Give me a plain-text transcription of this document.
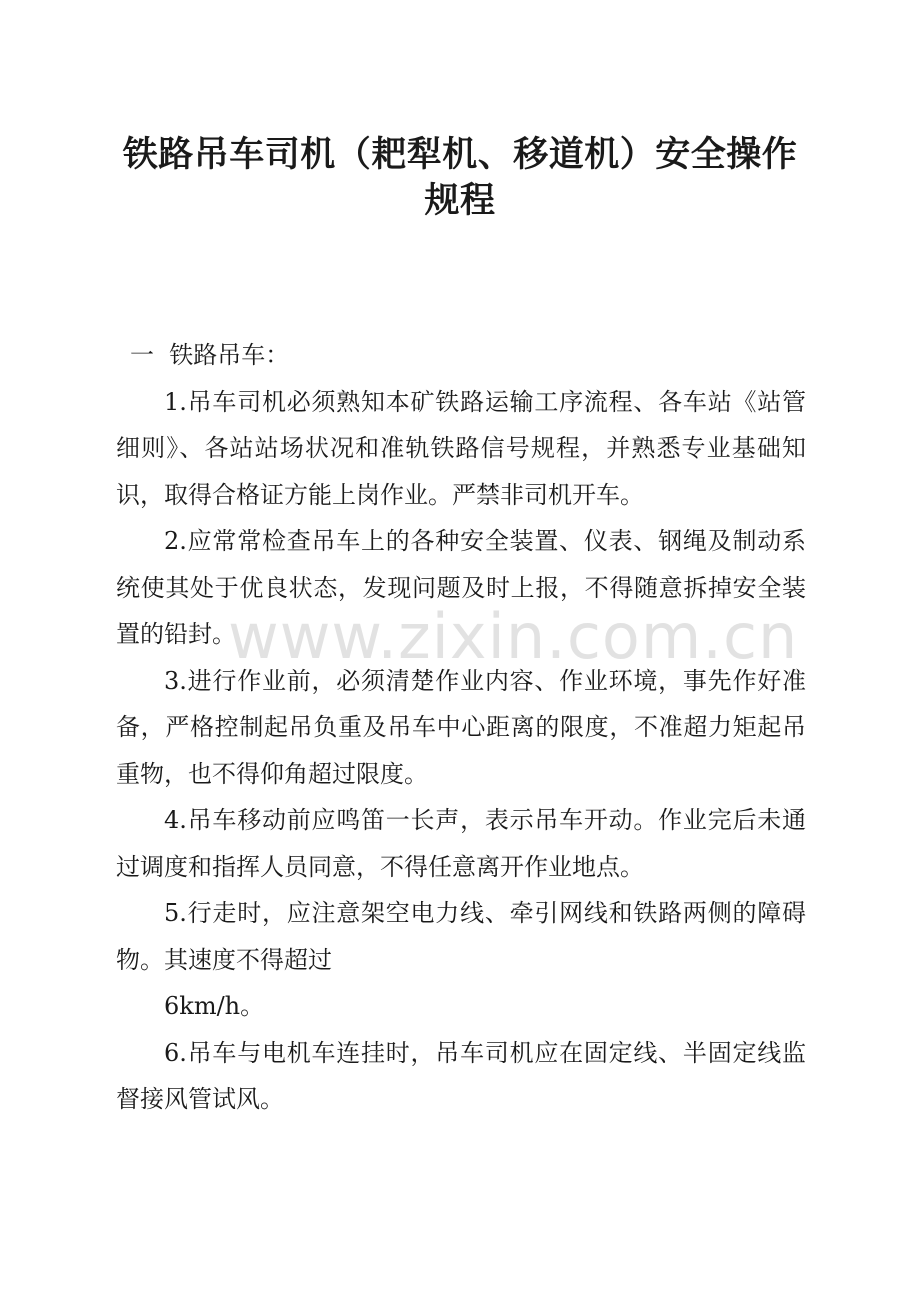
铁路吊车司机（耙犁机、移道机）安全操作规程

一  铁路吊车：

1.吊车司机必须熟知本矿铁路运输工序流程、各车站《站管细则》、各站站场状况和准轨铁路信号规程，并熟悉专业基础知识，取得合格证方能上岗作业。严禁非司机开车。

2.应常常检查吊车上的各种安全装置、仪表、钢绳及制动系统使其处于优良状态，发现问题及时上报，不得随意拆掉安全装置的铅封。

3.进行作业前，必须清楚作业内容、作业环境，事先作好准备，严格控制起吊负重及吊车中心距离的限度，不准超力矩起吊重物，也不得仰角超过限度。

4.吊车移动前应鸣笛一长声，表示吊车开动。作业完后未通过调度和指挥人员同意，不得任意离开作业地点。

5.行走时，应注意架空电力线、牵引网线和铁路两侧的障碍物。其速度不得超过

6km/h。

6.吊车与电机车连挂时，吊车司机应在固定线、半固定线监督接风管试风。

www.zixin.com.cn
